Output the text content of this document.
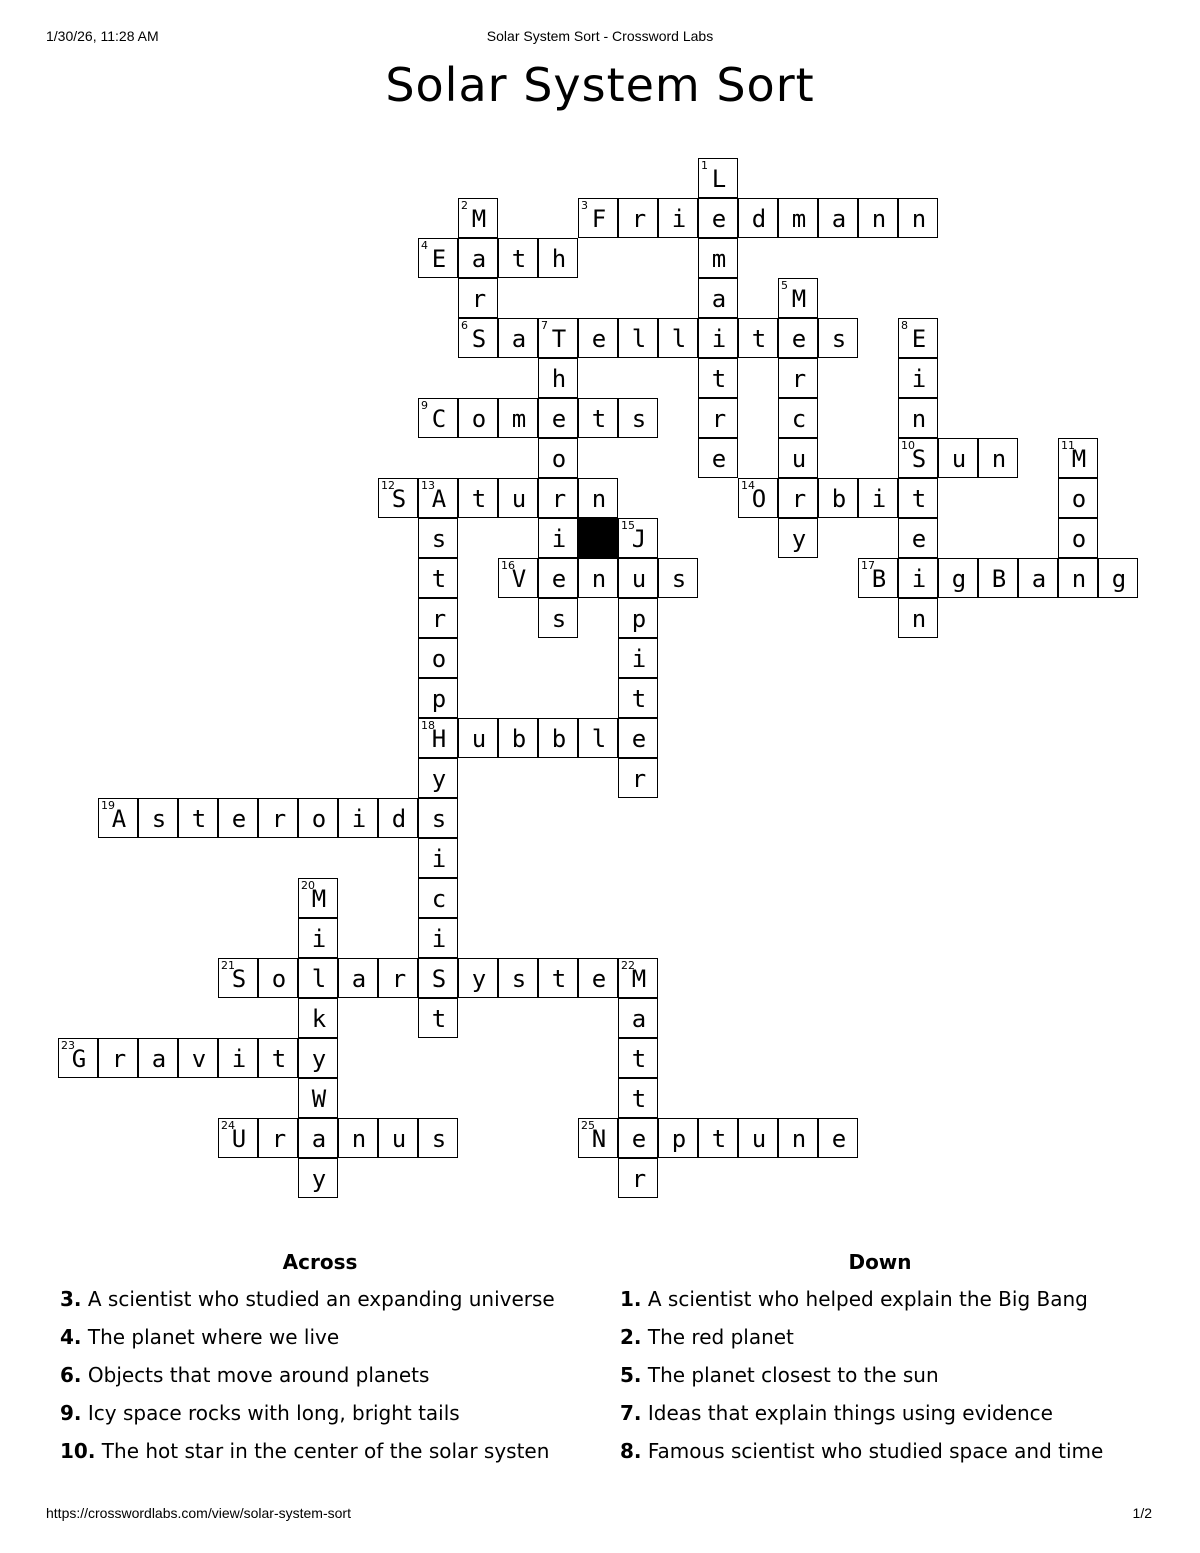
1/30/26, 11:28 AM	Solar System Sort - Crossword Labs
Solar System Sort
1 L
2 M	3 F	r	i	e	d	m	a	n	n
4 E	a	t	h	m
r	a	5 M
6 S	a	7 T	e	l	l	i	t	e	s	8 E
h	t	r	i
9 C	o	m	e	t	s	r	c	n
o	e	u	10
S	u	n	11
M
12
S	13
A	t	u	r	n	14
O	r	b	i	t	o
s	i	15
J	y	e	o
t	16
V	e	n	u	s	17
B	i	g	B	a	n	g
r	s	p	n
o	i
p	t
18
H	u	b	b	l	e
y	r
19
A	s	t	e	r	o	i	d	s
i
20
M	c
i	i
21
S	o	l	a	r	S	y	s	t	e	22
M
k	t	a
23
G	r	a	v	i	t	y	t
W	t
24
U	r	a	n	u	s	25
N	e	p	t	u	n	e
y	r
Across
3. A scientist who studied an expanding universe
4. The planet where we live
6. Objects that move around planets
9. Icy space rocks with long, bright tails
10. The hot star in the center of the solar systen
Down
1. A scientist who helped explain the Big Bang
2. The red planet
5. The planet closest to the sun
7. Ideas that explain things using evidence
8. Famous scientist who studied space and time
https://crosswordlabs.com/view/solar-system-sort	1/2
